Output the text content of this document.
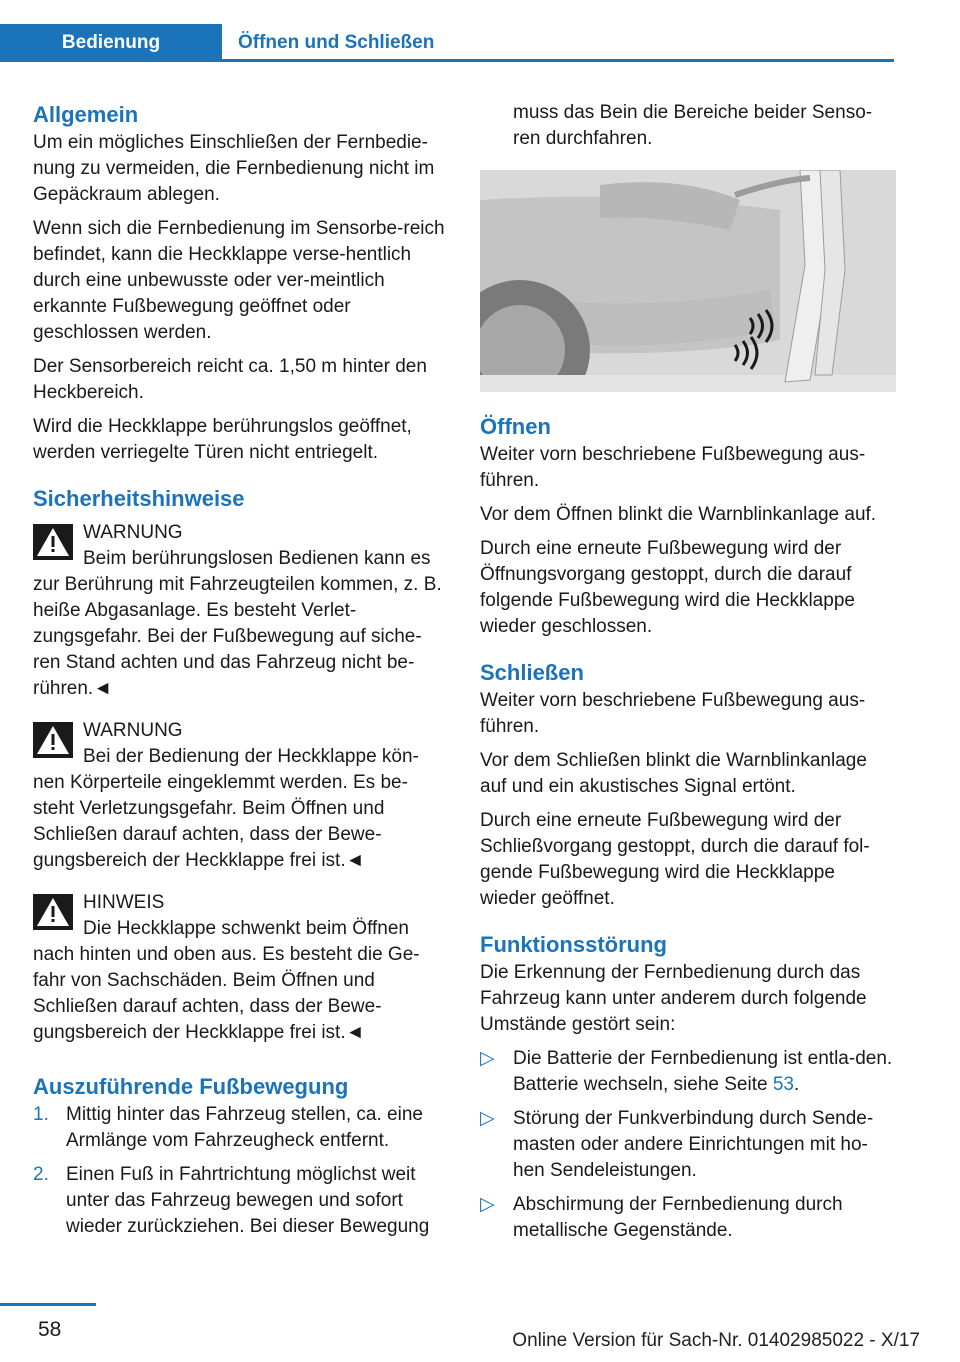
Bedienung	Öffnen und Schließen
Allgemein

Um ein mögliches Einschließen der Fernbedie-nung zu vermeiden, die Fernbedienung nicht im Gepäckraum ablegen.

Wenn sich die Fernbedienung im Sensorbe-reich befindet, kann die Heckklappe verse-hentlich durch eine unbewusste oder ver-meintlich erkannte Fußbewegung geöffnet oder geschlossen werden.

Der Sensorbereich reicht ca. 1,50 m hinter den Heckbereich.

Wird die Heckklappe berührungslos geöffnet, werden verriegelte Türen nicht entriegelt.

Sicherheitshinweise
WARNUNG
Beim berührungslosen Bedienen kann es

zur Berührung mit Fahrzeugteilen kommen, z. B. heiße Abgasanlage. Es besteht Verlet-zungsgefahr. Bei der Fußbewegung auf siche-ren Stand achten und das Fahrzeug nicht be-rühren.◄

WARNUNG
Bei der Bedienung der Heckklappe kön-

nen Körperteile eingeklemmt werden. Es be-steht Verletzungsgefahr. Beim Öffnen und Schließen darauf achten, dass der Bewe-gungsbereich der Heckklappe frei ist.◄

HINWEIS
Die Heckklappe schwenkt beim Öffnen

nach hinten und oben aus. Es besteht die Ge-fahr von Sachschäden. Beim Öffnen und Schließen darauf achten, dass der Bewe-gungsbereich der Heckklappe frei ist.◄

Auszuführende Fußbewegung
1. Mittig hinter das Fahrzeug stellen, ca. eine Armlänge vom Fahrzeugheck entfernt.
2. Einen Fuß in Fahrtrichtung möglichst weit unter das Fahrzeug bewegen und sofort wieder zurückziehen. Bei dieser Bewegung

muss das Bein die Bereiche beider Senso-ren durchfahren.

Öffnen

Weiter vorn beschriebene Fußbewegung aus-führen.

Vor dem Öffnen blinkt die Warnblinkanlage auf.

Durch eine erneute Fußbewegung wird der Öffnungsvorgang gestoppt, durch die darauf folgende Fußbewegung wird die Heckklappe wieder geschlossen.

Schließen

Weiter vorn beschriebene Fußbewegung aus-führen.

Vor dem Schließen blinkt die Warnblinkanlage auf und ein akustisches Signal ertönt.

Durch eine erneute Fußbewegung wird der Schließvorgang gestoppt, durch die darauf fol-gende Fußbewegung wird die Heckklappe wieder geöffnet.

Funktionsstörung

Die Erkennung der Fernbedienung durch das Fahrzeug kann unter anderem durch folgende Umstände gestört sein:

▷ Die Batterie der Fernbedienung ist entla-den. Batterie wechseln, siehe Seite 53.
▷ Störung der Funkverbindung durch Sende-masten oder andere Einrichtungen mit ho-hen Sendeleistungen.
▷ Abschirmung der Fernbedienung durch metallische Gegenstände.
58	Online Version für Sach-Nr. 01402985022 - X/17
